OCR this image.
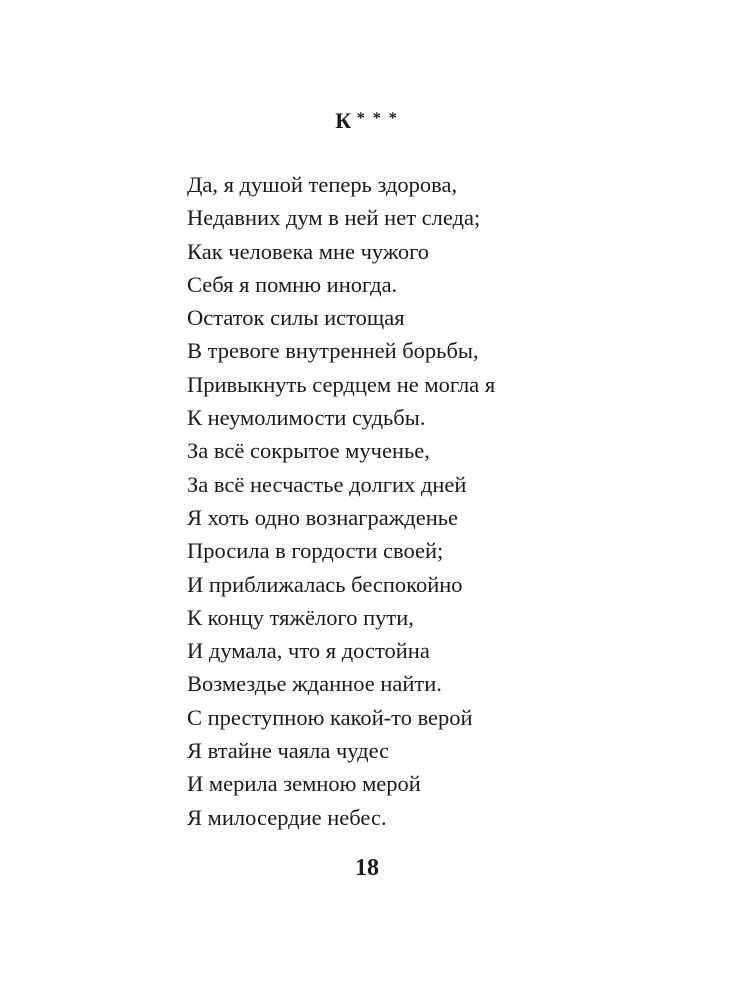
К * * *
Да, я душой теперь здорова,
Недавних дум в ней нет следа;
Как человека мне чужого
Себя я помню иногда.
Остаток силы истощая
В тревоге внутренней борьбы,
Привыкнуть сердцем не могла я
К неумолимости судьбы.
За всё сокрытое мученье,
За всё несчастье долгих дней
Я хоть одно вознагражденье
Просила в гордости своей;
И приближалась беспокойно
К концу тяжёлого пути,
И думала, что я достойна
Возмездье жданное найти.
С преступною какой-то верой
Я втайне чаяла чудес
И мерила земною мерой
Я милосердие небес.
18
